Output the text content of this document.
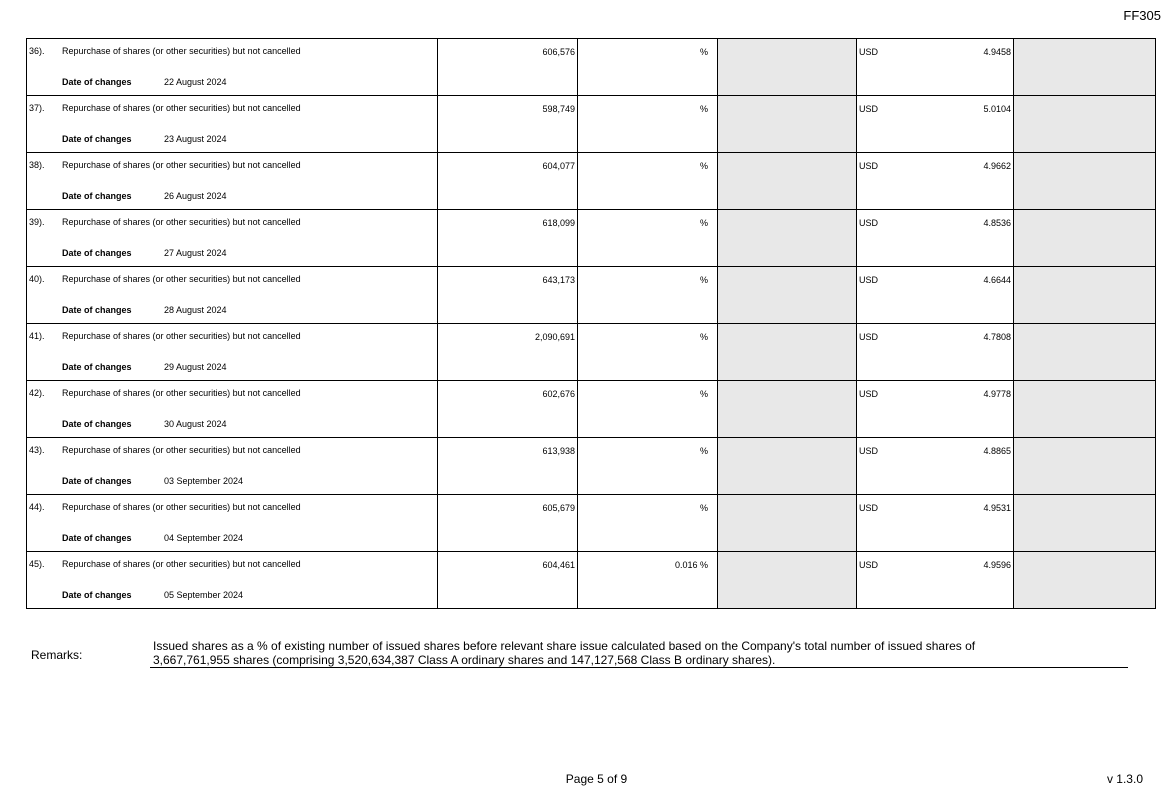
FF305
36). Repurchase of shares (or other securities) but not cancelled
Date of changes 22 August 2024	606,576	%		USD 4.9458	

37). Repurchase of shares (or other securities) but not cancelled
Date of changes 23 August 2024	598,749	%		USD 5.0104	

38). Repurchase of shares (or other securities) but not cancelled
Date of changes 26 August 2024	604,077	%		USD 4.9662	

39). Repurchase of shares (or other securities) but not cancelled
Date of changes 27 August 2024	618,099	%		USD 4.8536	

40). Repurchase of shares (or other securities) but not cancelled
Date of changes 28 August 2024	643,173	%		USD 4.6644	

41). Repurchase of shares (or other securities) but not cancelled
Date of changes 29 August 2024	2,090,691	%		USD 4.7808	

42). Repurchase of shares (or other securities) but not cancelled
Date of changes 30 August 2024	602,676	%		USD 4.9778	

43). Repurchase of shares (or other securities) but not cancelled
Date of changes 03 September 2024	613,938	%		USD 4.8865	

44). Repurchase of shares (or other securities) but not cancelled
Date of changes 04 September 2024	605,679	%		USD 4.9531	

45). Repurchase of shares (or other securities) but not cancelled
Date of changes 05 September 2024	604,461	0.016 %		USD 4.9596	

Remarks:
Issued shares as a % of existing number of issued shares before relevant share issue calculated based on the Company's total number of issued shares of
3,667,761,955 shares (comprising 3,520,634,387 Class A ordinary shares and 147,127,568 Class B ordinary shares).
Page 5 of 9	v 1.3.0
